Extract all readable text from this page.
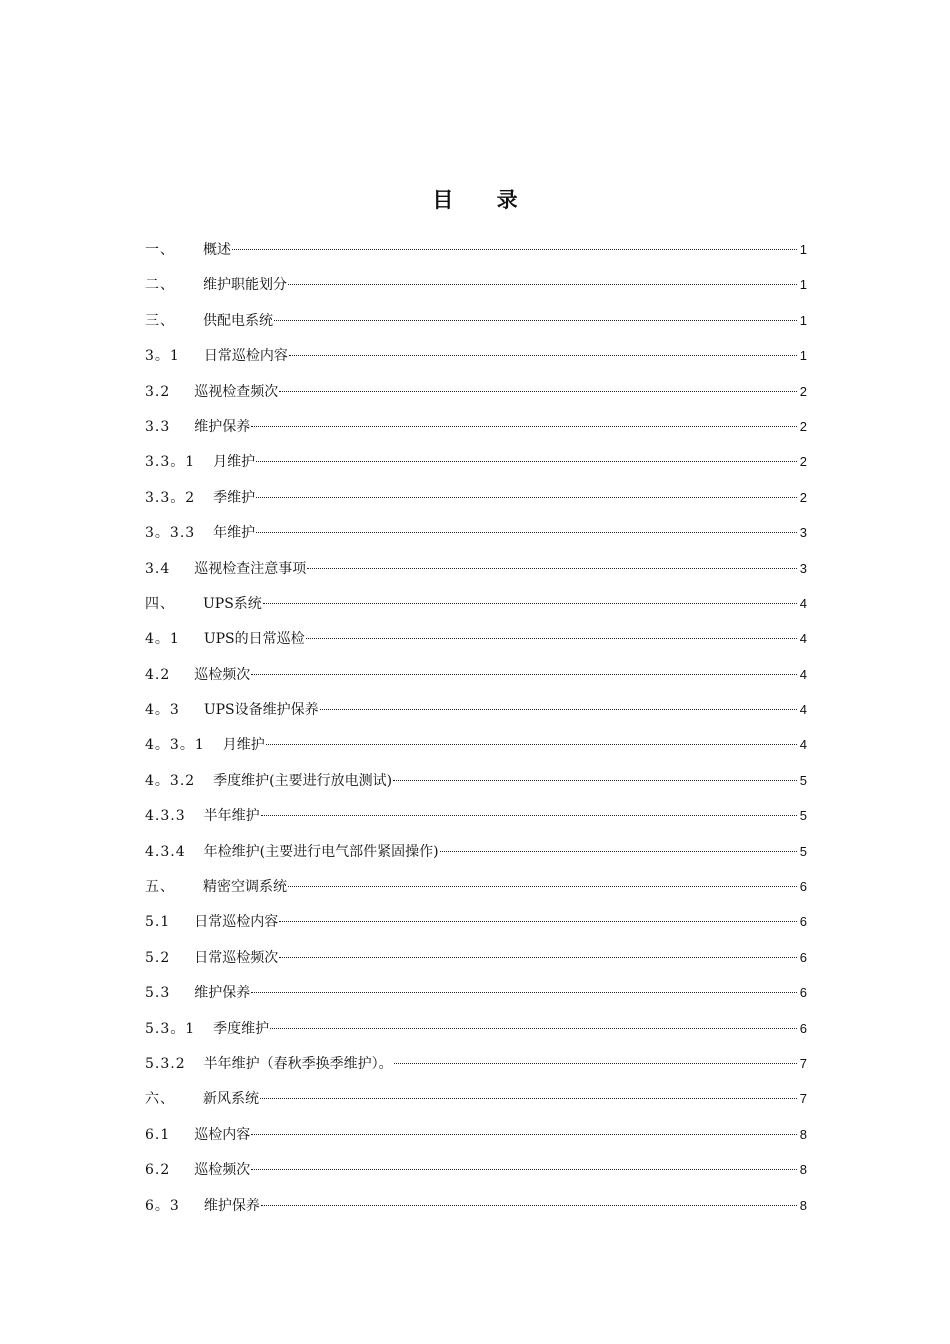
目 录
一、 概述	1
二、 维护职能划分	1
三、 供配电系统	1
3。1 日常巡检内容	1
3.2 巡视检查频次	2
3.3 维护保养	2
3.3。1 月维护	2
3.3。2 季维护	2
3。3.3 年维护	3
3.4 巡视检查注意事项	3
四、 UPS系统	4
4。1 UPS的日常巡检	4
4.2 巡检频次	4
4。3 UPS设备维护保养	4
4。3。1 月维护	4
4。3.2 季度维护(主要进行放电测试)	5
4.3.3 半年维护	5
4.3.4 年检维护(主要进行电气部件紧固操作)	5
五、 精密空调系统	6
5.1 日常巡检内容	6
5.2 日常巡检频次	6
5.3 维护保养	6
5.3。1 季度维护	6
5.3.2 半年维护（春秋季换季维护）。	7
六、 新风系统	7
6.1 巡检内容	8
6.2 巡检频次	8
6。3 维护保养	8
